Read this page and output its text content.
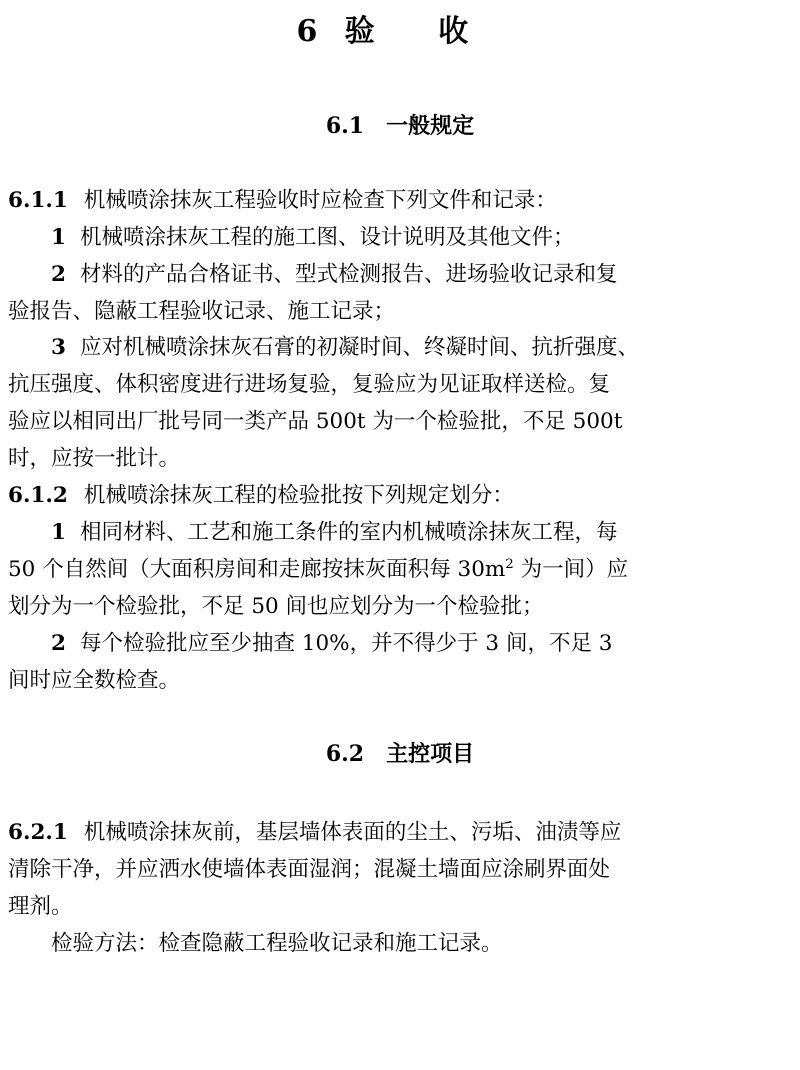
6 验　　收
6.1 一般规定

6.1.1 机械喷涂抹灰工程验收时应检查下列文件和记录：

1 机械喷涂抹灰工程的施工图、设计说明及其他文件；

2 材料的产品合格证书、型式检测报告、进场验收记录和复

验报告、隐蔽工程验收记录、施工记录；

3 应对机械喷涂抹灰石膏的初凝时间、终凝时间、抗折强度、

抗压强度、体积密度进行进场复验，复验应为见证取样送检。复

验应以相同出厂批号同一类产品 500t 为一个检验批，不足 500t

时，应按一批计。

6.1.2 机械喷涂抹灰工程的检验批按下列规定划分：

1 相同材料、工艺和施工条件的室内机械喷涂抹灰工程，每

50 个自然间（大面积房间和走廊按抹灰面积每 $30m^2$ 为一间）应

划分为一个检验批，不足 50 间也应划分为一个检验批；

2 每个检验批应至少抽查 10%，并不得少于 3 间，不足 3

间时应全数检查。

6.2 主控项目

6.2.1 机械喷涂抹灰前，基层墙体表面的尘土、污垢、油渍等应

清除干净，并应洒水使墙体表面湿润；混凝土墙面应涂刷界面处

理剂。

检验方法：检查隐蔽工程验收记录和施工记录。
